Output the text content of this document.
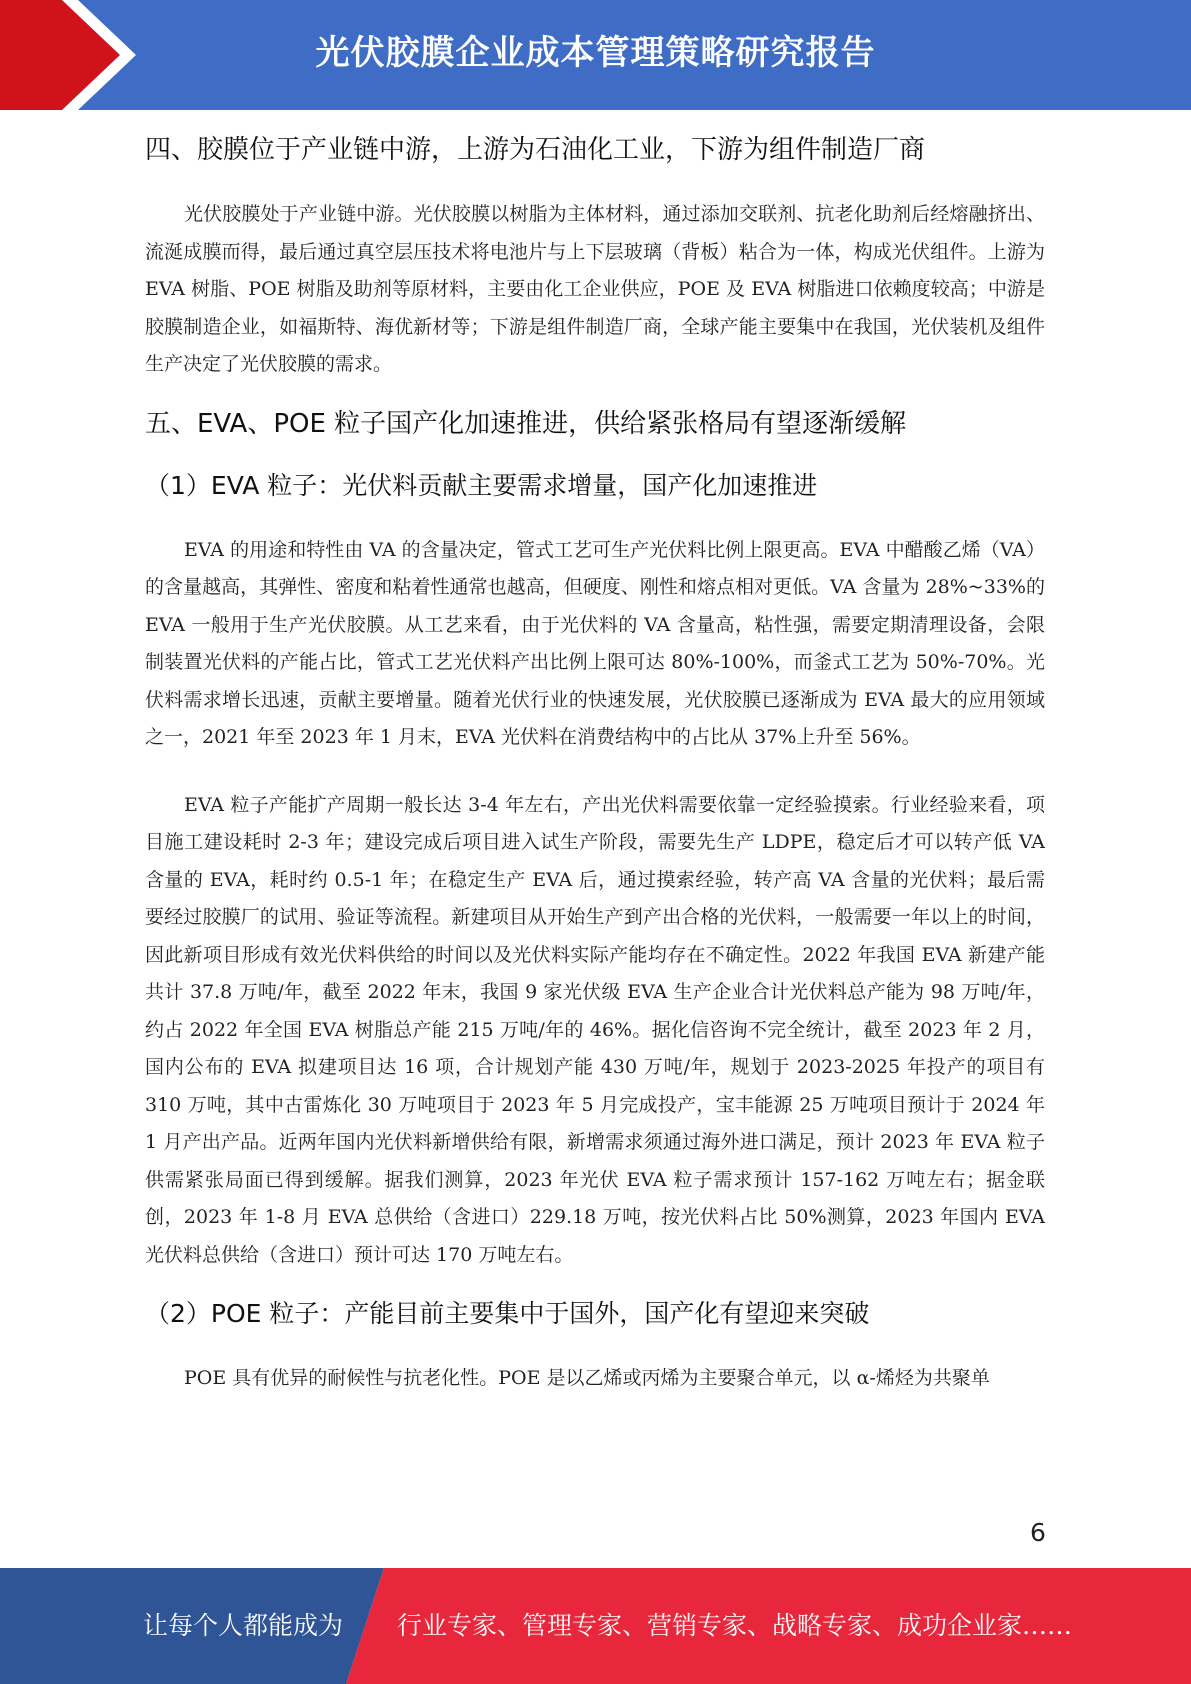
光伏胶膜企业成本管理策略研究报告
四、胶膜位于产业链中游，上游为石油化工业，下游为组件制造厂商

光伏胶膜处于产业链中游。光伏胶膜以树脂为主体材料，通过添加交联剂、抗老化助剂后经熔融挤出、流涎成膜而得，最后通过真空层压技术将电池片与上下层玻璃（背板）粘合为一体，构成光伏组件。上游为 EVA 树脂、POE 树脂及助剂等原材料，主要由化工企业供应，POE 及 EVA 树脂进口依赖度较高；中游是胶膜制造企业，如福斯特、海优新材等；下游是组件制造厂商，全球产能主要集中在我国，光伏装机及组件生产决定了光伏胶膜的需求。

五、EVA、POE 粒子国产化加速推进，供给紧张格局有望逐渐缓解
（1）EVA 粒子：光伏料贡献主要需求增量，国产化加速推进

EVA 的用途和特性由 VA 的含量决定，管式工艺可生产光伏料比例上限更高。EVA 中醋酸乙烯（VA）的含量越高，其弹性、密度和粘着性通常也越高，但硬度、刚性和熔点相对更低。VA 含量为 28%~33%的 EVA 一般用于生产光伏胶膜。从工艺来看，由于光伏料的 VA 含量高，粘性强，需要定期清理设备，会限制装置光伏料的产能占比，管式工艺光伏料产出比例上限可达 80%-100%，而釜式工艺为 50%-70%。光伏料需求增长迅速，贡献主要增量。随着光伏行业的快速发展，光伏胶膜已逐渐成为 EVA 最大的应用领域之一，2021 年至 2023 年 1 月末，EVA 光伏料在消费结构中的占比从 37%上升至 56%。

EVA 粒子产能扩产周期一般长达 3-4 年左右，产出光伏料需要依靠一定经验摸索。行业经验来看，项目施工建设耗时 2-3 年；建设完成后项目进入试生产阶段，需要先生产 LDPE，稳定后才可以转产低 VA 含量的 EVA，耗时约 0.5-1 年；在稳定生产 EVA 后，通过摸索经验，转产高 VA 含量的光伏料；最后需要经过胶膜厂的试用、验证等流程。新建项目从开始生产到产出合格的光伏料，一般需要一年以上的时间，因此新项目形成有效光伏料供给的时间以及光伏料实际产能均存在不确定性。2022 年我国 EVA 新建产能共计 37.8 万吨/年，截至 2022 年末，我国 9 家光伏级 EVA 生产企业合计光伏料总产能为 98 万吨/年，约占 2022 年全国 EVA 树脂总产能 215 万吨/年的 46%。据化信咨询不完全统计，截至 2023 年 2 月，国内公布的 EVA 拟建项目达 16 项，合计规划产能 430 万吨/年，规划于 2023-2025 年投产的项目有 310 万吨，其中古雷炼化 30 万吨项目于 2023 年 5 月完成投产，宝丰能源 25 万吨项目预计于 2024 年 1 月产出产品。近两年国内光伏料新增供给有限，新增需求须通过海外进口满足，预计 2023 年 EVA 粒子供需紧张局面已得到缓解。据我们测算，2023 年光伏 EVA 粒子需求预计 157-162 万吨左右；据金联创，2023 年 1-8 月 EVA 总供给（含进口）229.18 万吨，按光伏料占比 50%测算，2023 年国内 EVA 光伏料总供给（含进口）预计可达 170 万吨左右。

（2）POE 粒子：产能目前主要集中于国外，国产化有望迎来突破

POE 具有优异的耐候性与抗老化性。POE 是以乙烯或丙烯为主要聚合单元，以 α-烯烃为共聚单

6
让每个人都能成为 行业专家、管理专家、营销专家、战略专家、成功企业家……
